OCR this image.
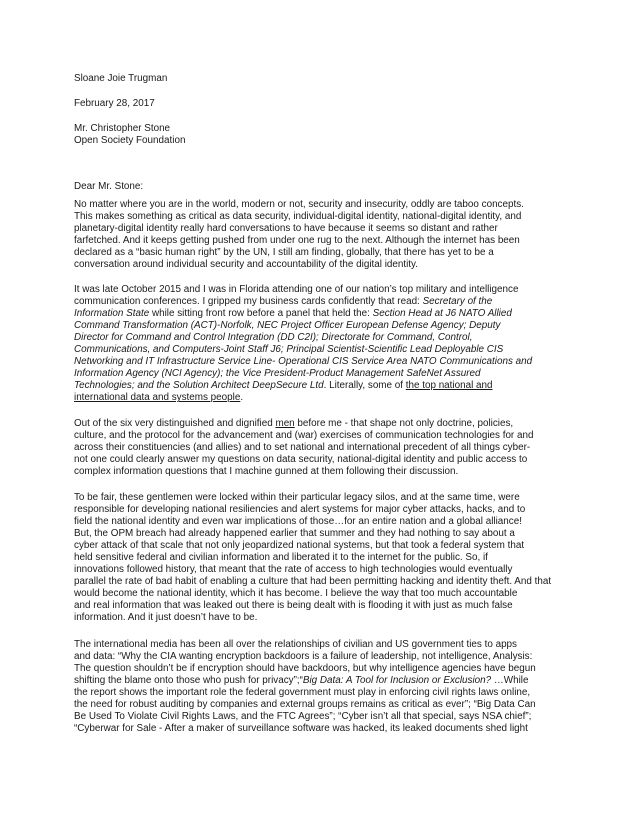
Sloane Joie Trugman
February 28, 2017
Mr. Christopher Stone
Open Society Foundation
Dear Mr. Stone:

No matter where you are in the world, modern or not, security and insecurity, oddly are taboo concepts.
This makes something as critical as data security, individual-digital identity, national-digital identity, and
planetary-digital identity really hard conversations to have because it seems so distant and rather
farfetched. And it keeps getting pushed from under one rug to the next. Although the internet has been
declared as a “basic human right” by the UN, I still am finding, globally, that there has yet to be a
conversation around individual security and accountability of the digital identity.

It was late October 2015 and I was in Florida attending one of our nation’s top military and intelligence
communication conferences. I gripped my business cards confidently that read: Secretary of the
Information State while sitting front row before a panel that held the: Section Head at J6 NATO Allied
Command Transformation (ACT)-Norfolk, NEC Project Officer European Defense Agency; Deputy
Director for Command and Control Integration (DD C2I); Directorate for Command, Control,
Communications, and Computers-Joint Staff J6; Principal Scientist-Scientific Lead Deployable CIS
Networking and IT Infrastructure Service Line- Operational CIS Service Area NATO Communications and
Information Agency (NCI Agency); the Vice President-Product Management SafeNet Assured
Technologies; and the Solution Architect DeepSecure Ltd. Literally, some of the top national and
international data and systems people.

Out of the six very distinguished and dignified men before me - that shape not only doctrine, policies,
culture, and the protocol for the advancement and (war) exercises of communication technologies for and
across their constituencies (and allies) and to set national and international precedent of all things cyber-
not one could clearly answer my questions on data security, national-digital identity and public access to
complex information questions that I machine gunned at them following their discussion.

To be fair, these gentlemen were locked within their particular legacy silos, and at the same time, were
responsible for developing national resiliencies and alert systems for major cyber attacks, hacks, and to
field the national identity and even war implications of those…for an entire nation and a global alliance!
But, the OPM breach had already happened earlier that summer and they had nothing to say about a
cyber attack of that scale that not only jeopardized national systems, but that took a federal system that
held sensitive federal and civilian information and liberated it to the internet for the public. So, if
innovations followed history, that meant that the rate of access to high technologies would eventually
parallel the rate of bad habit of enabling a culture that had been permitting hacking and identity theft. And that
would become the national identity, which it has become. I believe the way that too much accountable
and real information that was leaked out there is being dealt with is flooding it with just as much false
information. And it just doesn’t have to be.

The international media has been all over the relationships of civilian and US government ties to apps
and data: “Why the CIA wanting encryption backdoors is a failure of leadership, not intelligence, Analysis:
The question shouldn’t be if encryption should have backdoors, but why intelligence agencies have begun
shifting the blame onto those who push for privacy”;“Big Data: A Tool for Inclusion or Exclusion? …While
the report shows the important role the federal government must play in enforcing civil rights laws online,
the need for robust auditing by companies and external groups remains as critical as ever”; “Big Data Can
Be Used To Violate Civil Rights Laws, and the FTC Agrees”; “Cyber isn’t all that special, says NSA chief”;
“Cyberwar for Sale - After a maker of surveillance software was hacked, its leaked documents shed light
